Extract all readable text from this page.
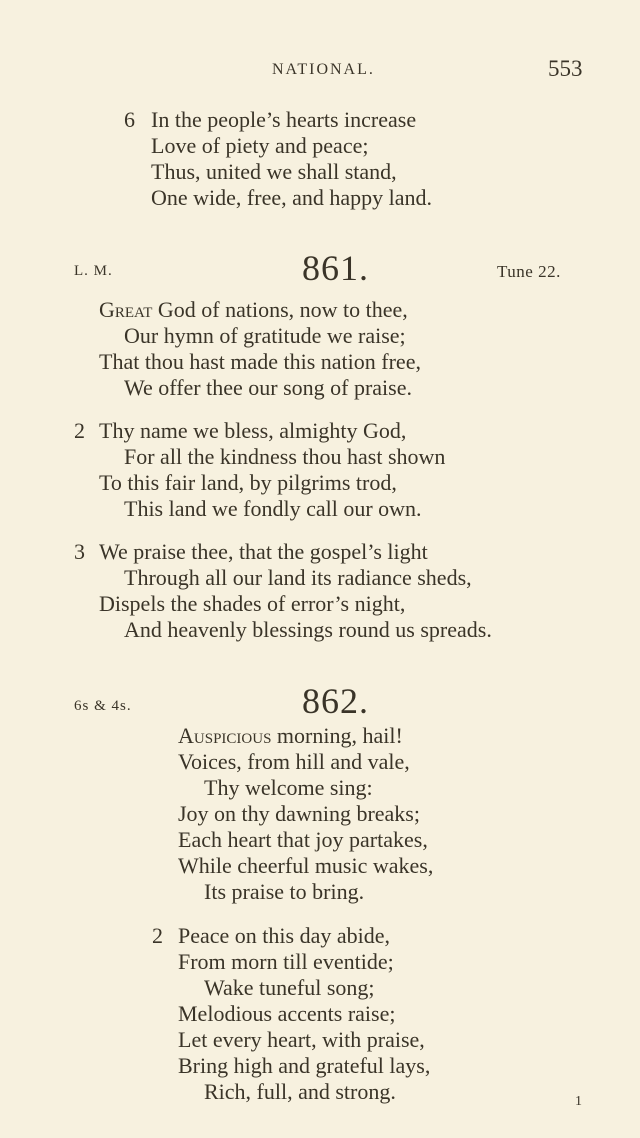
NATIONAL.	553
6 In the people’s hearts increase
Love of piety and peace;
Thus, united we shall stand,
One wide, free, and happy land.
L. M.	861.	Tune 22.
Great God of nations, now to thee,
Our hymn of gratitude we raise;
That thou hast made this nation free,
We offer thee our song of praise.
2 Thy name we bless, almighty God,
For all the kindness thou hast shown
To this fair land, by pilgrims trod,
This land we fondly call our own.
3 We praise thee, that the gospel’s light
Through all our land its radiance sheds,
Dispels the shades of error’s night,
And heavenly blessings round us spreads.
6s & 4s.	862.
Auspicious morning, hail!
Voices, from hill and vale,
Thy welcome sing:
Joy on thy dawning breaks;
Each heart that joy partakes,
While cheerful music wakes,
Its praise to bring.
2 Peace on this day abide,
From morn till eventide;
Wake tuneful song;
Melodious accents raise;
Let every heart, with praise,
Bring high and grateful lays,
Rich, full, and strong.	1
